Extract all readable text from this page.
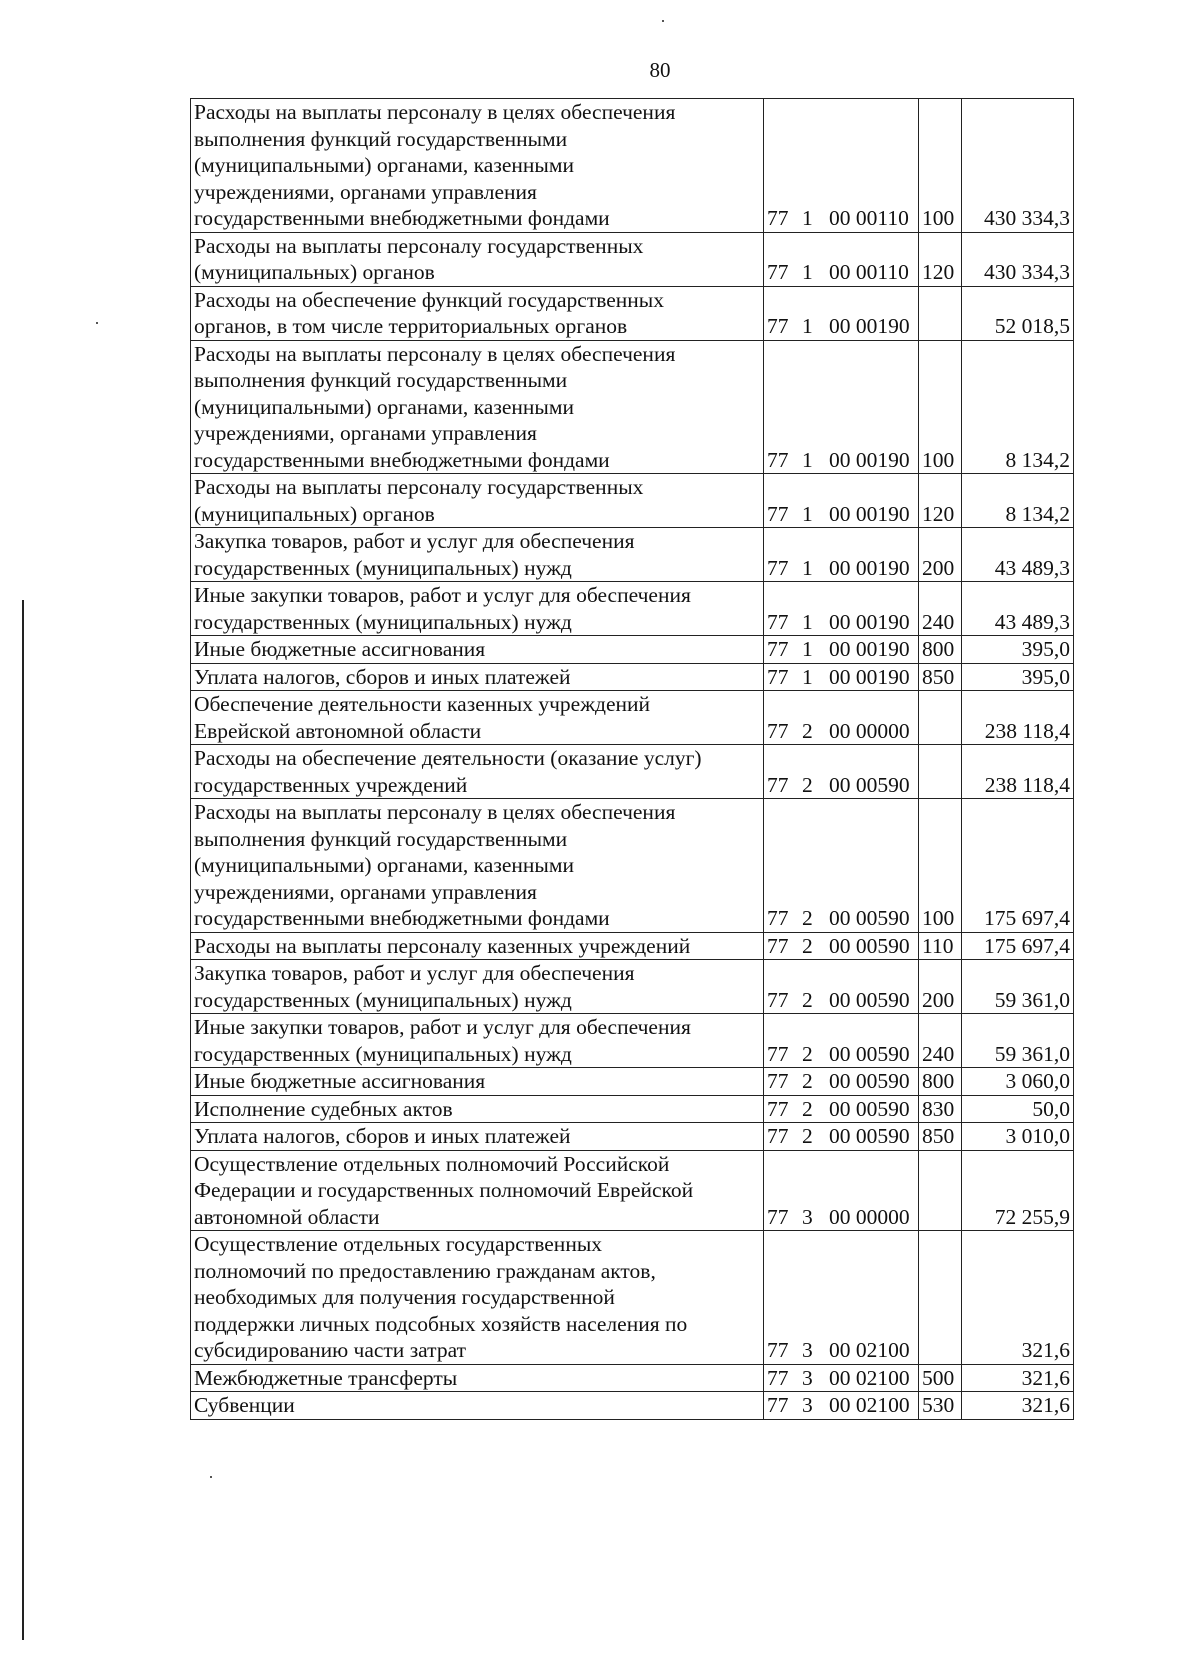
80
Расходы на выплаты персоналу в целях обеспечения
выполнения функций государственными
(муниципальными) органами, казенными
учреждениями, органами управления
государственными внебюджетными фондами	77 1 00 00110	100	430 334,3

Расходы на выплаты персоналу государственных
(муниципальных) органов	77 1 00 00110	120	430 334,3

Расходы на обеспечение функций государственных
органов, в том числе территориальных органов	77 1 00 00190		52 018,5

Расходы на выплаты персоналу в целях обеспечения
выполнения функций государственными
(муниципальными) органами, казенными
учреждениями, органами управления
государственными внебюджетными фондами	77 1 00 00190	100	8 134,2

Расходы на выплаты персоналу государственных
(муниципальных) органов	77 1 00 00190	120	8 134,2

Закупка товаров, работ и услуг для обеспечения
государственных (муниципальных) нужд	77 1 00 00190	200	43 489,3

Иные закупки товаров, работ и услуг для обеспечения
государственных (муниципальных) нужд	77 1 00 00190	240	43 489,3

Иные бюджетные ассигнования	77 1 00 00190	800	395,0

Уплата налогов, сборов и иных платежей	77 1 00 00190	850	395,0

Обеспечение деятельности казенных учреждений
Еврейской автономной области	77 2 00 00000		238 118,4

Расходы на обеспечение деятельности (оказание услуг)
государственных учреждений	77 2 00 00590		238 118,4

Расходы на выплаты персоналу в целях обеспечения
выполнения функций государственными
(муниципальными) органами, казенными
учреждениями, органами управления
государственными внебюджетными фондами	77 2 00 00590	100	175 697,4

Расходы на выплаты персоналу казенных учреждений	77 2 00 00590	110	175 697,4

Закупка товаров, работ и услуг для обеспечения
государственных (муниципальных) нужд	77 2 00 00590	200	59 361,0

Иные закупки товаров, работ и услуг для обеспечения
государственных (муниципальных) нужд	77 2 00 00590	240	59 361,0

Иные бюджетные ассигнования	77 2 00 00590	800	3 060,0

Исполнение судебных актов	77 2 00 00590	830	50,0

Уплата налогов, сборов и иных платежей	77 2 00 00590	850	3 010,0

Осуществление отдельных полномочий Российской
Федерации и государственных полномочий Еврейской
автономной области	77 3 00 00000		72 255,9

Осуществление отдельных государственных
полномочий по предоставлению гражданам актов,
необходимых для получения государственной
поддержки личных подсобных хозяйств населения по
субсидированию части затрат	77 3 00 02100		321,6

Межбюджетные трансферты	77 3 00 02100	500	321,6

Субвенции	77 3 00 02100	530	321,6
